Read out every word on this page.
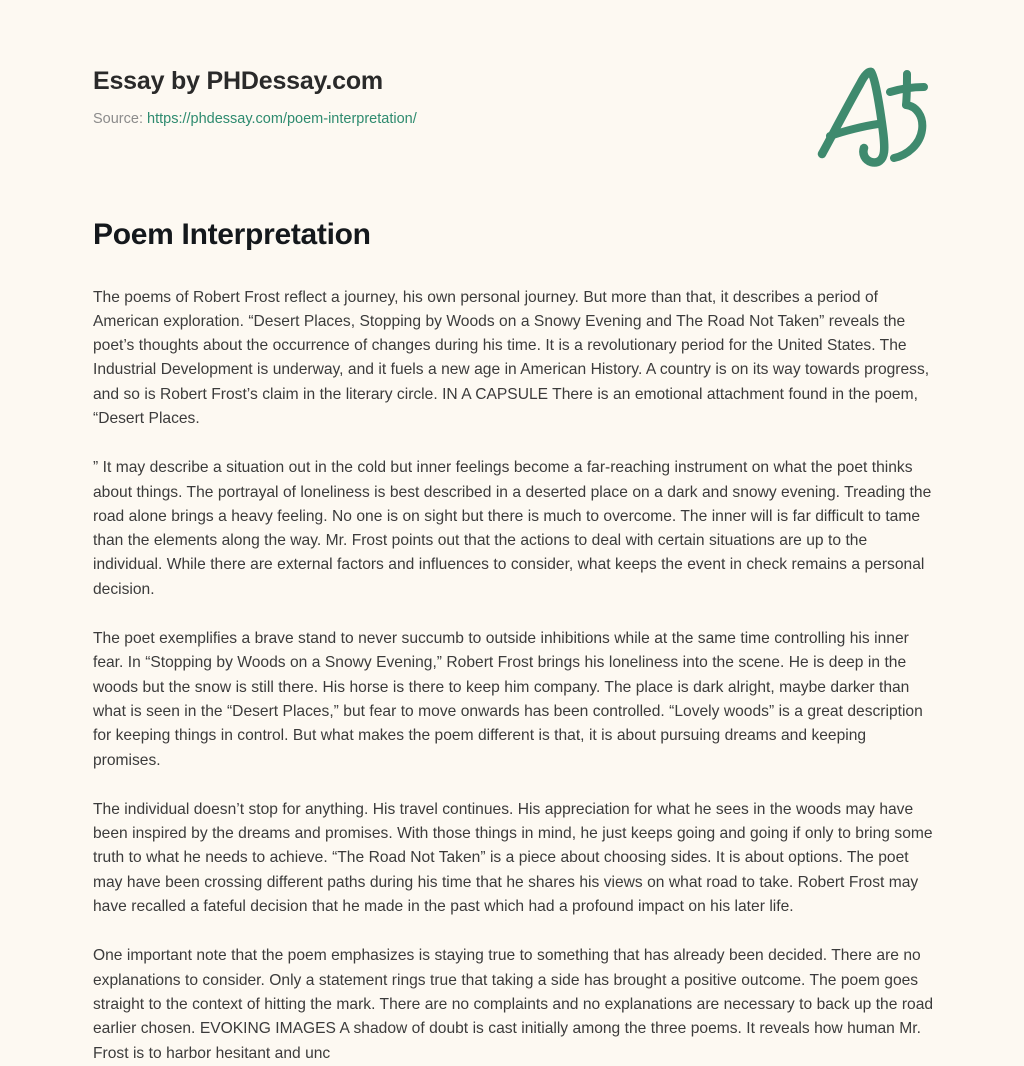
Essay by PHDessay.com
Source: https://phdessay.com/poem-interpretation/
Poem Interpretation

The poems of Robert Frost reflect a journey, his own personal journey. But more than that, it describes a period of American exploration. “Desert Places, Stopping by Woods on a Snowy Evening and The Road Not Taken” reveals the poet’s thoughts about the occurrence of changes during his time. It is a revolutionary period for the United States. The Industrial Development is underway, and it fuels a new age in American History. A country is on its way towards progress, and so is Robert Frost’s claim in the literary circle. IN A CAPSULE There is an emotional attachment found in the poem, “Desert Places.

” It may describe a situation out in the cold but inner feelings become a far-reaching instrument on what the poet thinks about things. The portrayal of loneliness is best described in a deserted place on a dark and snowy evening. Treading the road alone brings a heavy feeling. No one is on sight but there is much to overcome. The inner will is far difficult to tame than the elements along the way. Mr. Frost points out that the actions to deal with certain situations are up to the individual. While there are external factors and influences to consider, what keeps the event in check remains a personal decision.

The poet exemplifies a brave stand to never succumb to outside inhibitions while at the same time controlling his inner fear. In “Stopping by Woods on a Snowy Evening,” Robert Frost brings his loneliness into the scene. He is deep in the woods but the snow is still there. His horse is there to keep him company. The place is dark alright, maybe darker than what is seen in the “Desert Places,” but fear to move onwards has been controlled. “Lovely woods” is a great description for keeping things in control. But what makes the poem different is that, it is about pursuing dreams and keeping promises.

The individual doesn’t stop for anything. His travel continues. His appreciation for what he sees in the woods may have been inspired by the dreams and promises. With those things in mind, he just keeps going and going if only to bring some truth to what he needs to achieve. “The Road Not Taken” is a piece about choosing sides. It is about options. The poet may have been crossing different paths during his time that he shares his views on what road to take. Robert Frost may have recalled a fateful decision that he made in the past which had a profound impact on his later life.

One important note that the poem emphasizes is staying true to something that has already been decided. There are no explanations to consider. Only a statement rings true that taking a side has brought a positive outcome. The poem goes straight to the context of hitting the mark. There are no complaints and no explanations are necessary to back up the road earlier chosen. EVOKING IMAGES A shadow of doubt is cast initially among the three poems. It reveals how human Mr. Frost is to harbor hesitant and unc
